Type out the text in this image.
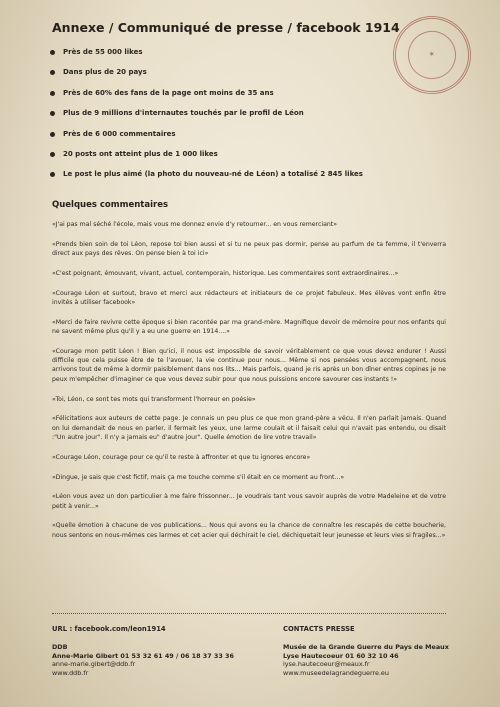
Annexe / Communiqué de presse / facebook 1914
★
Près de 55 000 likes
Dans plus de 20 pays
Près de 60% des fans de la page ont moins de 35 ans
Plus de 9 millions d'internautes touchés par le profil de Léon
Près de 6 000 commentaires
20 posts ont atteint plus de 1 000 likes
Le post le plus aimé (la photo du nouveau-né de Léon) a totalisé 2 845 likes
Quelques commentaires

«J'ai pas mal séché l'école, mais vous me donnez envie d'y retourner... en vous remerciant»

«Prends bien soin de toi Léon, repose toi bien aussi et si tu ne peux pas dormir, pense au parfum de ta femme, il t'enverra direct aux pays des rêves. On pense bien à toi ici»

«C'est poignant, émouvant, vivant, actuel, contemporain, historique. Les commentaires sont extraordinaires...»

«Courage Léon et surtout, bravo et merci aux rédacteurs et initiateurs de ce projet fabuleux. Mes élèves vont enfin être invités à utiliser facebook»

«Merci de faire revivre cette époque si bien racontée par ma grand-mère. Magnifique devoir de mémoire pour nos enfants qui ne savent même plus qu'il y a eu une guerre en 1914....»

«Courage mon petit Léon ! Bien qu'ici, il nous est impossible de savoir véritablement ce que vous devez endurer ! Aussi difficile que cela puisse être de te l'avouer, la vie continue pour nous... Même si nos pensées vous accompagnent, nous arrivons tout de même à dormir paisiblement dans nos lits... Mais parfois, quand je ris après un bon dîner entres copines je ne peux m'empêcher d'imaginer ce que vous devez subir pour que nous puissions encore savourer ces instants !»

«Toi, Léon, ce sont tes mots qui transforment l'horreur en poésie»

«Félicitations aux auteurs de cette page. Je connais un peu plus ce que mon grand-père a vécu. Il n'en parlait jamais. Quand on lui demandait de nous en parler, il fermait les yeux, une larme coulait et il faisait celui qui n'avait pas entendu, ou disait :"Un autre jour". Il n'y a jamais eu" d'autre jour". Quelle émotion de lire votre travail»

«Courage Léon, courage pour ce qu'il te reste à affronter et que tu ignores encore»

«Dingue, je sais que c'est fictif, mais ça me touche comme s'il était en ce moment au front...»

«Léon vous avez un don particulier à me faire frissonner... Je voudrais tant vous savoir auprès de votre Madeleine et de votre petit à venir...»

«Quelle émotion à chacune de vos publications... Nous qui avons eu la chance de connaître les rescapés de cette boucherie, nous sentons en nous-mêmes ces larmes et cet acier qui déchirait le ciel, déchiquetait leur jeunesse et leurs vies si fragiles...»

URL : facebook.com/leon1914
DDB
Anne-Marie Gibert 01 53 32 61 49 / 06 18 37 33 36
anne-marie.gibert@ddb.fr
www.ddb.fr
CONTACTS PRESSE
Musée de la Grande Guerre du Pays de Meaux
Lyse Hautecoeur 01 60 32 10 46
lyse.hautecoeur@meaux.fr
www.museedelagrandeguerre.eu
